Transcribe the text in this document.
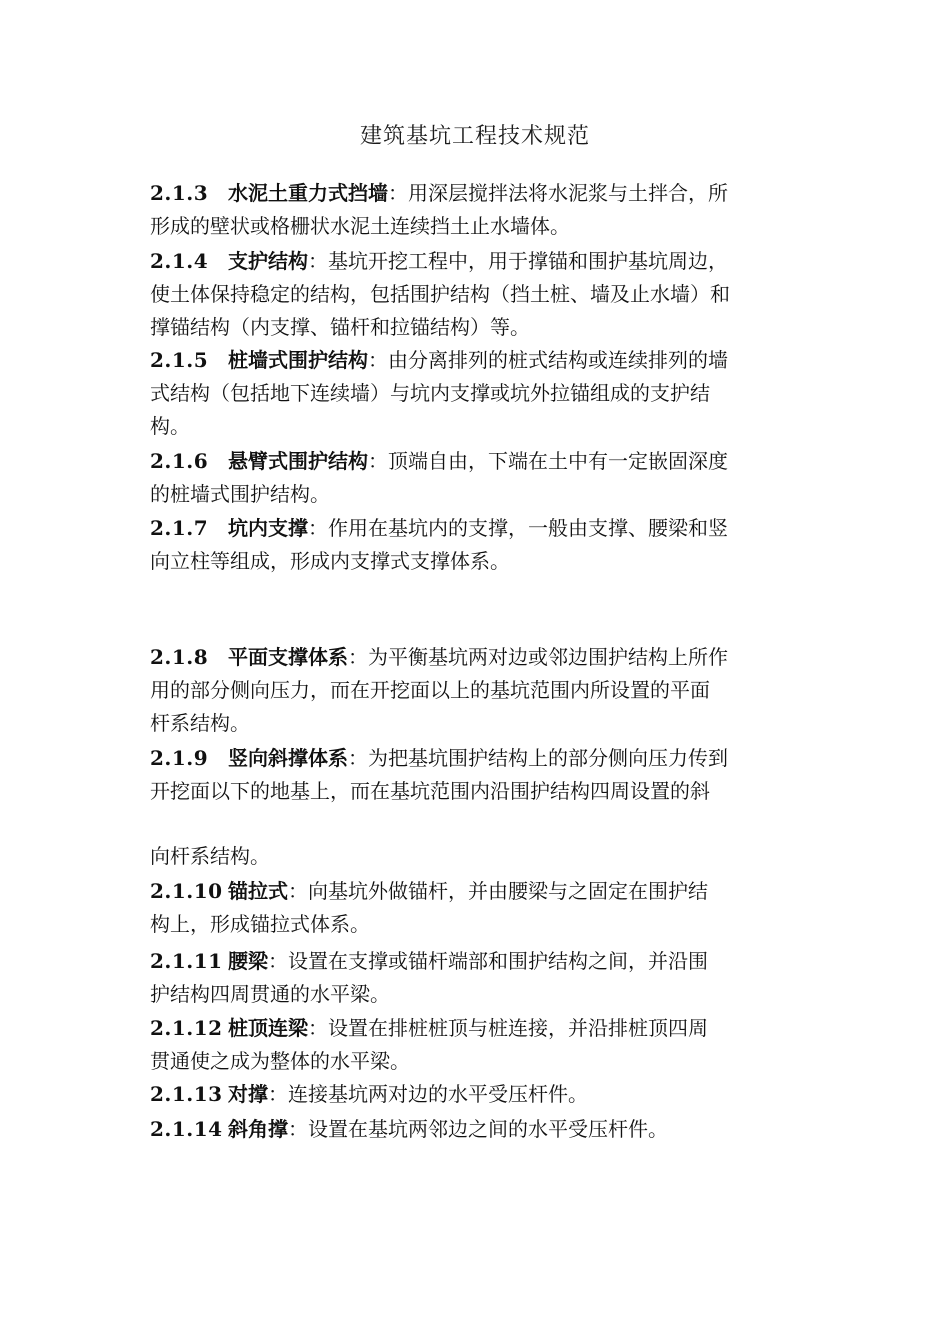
建筑基坑工程技术规范
2.1.3 水泥土重力式挡墙：用深层搅拌法将水泥浆与土拌合，所
形成的壁状或格栅状水泥土连续挡土止水墙体。
2.1.4 支护结构：基坑开挖工程中，用于撑锚和围护基坑周边，
使土体保持稳定的结构，包括围护结构（挡土桩、墙及止水墙）和
撑锚结构（内支撑、锚杆和拉锚结构）等。
2.1.5 桩墙式围护结构：由分离排列的桩式结构或连续排列的墙
式结构（包括地下连续墙）与坑内支撑或坑外拉锚组成的支护结
构。
2.1.6 悬臂式围护结构：顶端自由，下端在土中有一定嵌固深度
的桩墙式围护结构。
2.1.7 坑内支撑：作用在基坑内的支撑，一般由支撑、腰梁和竖
向立柱等组成，形成内支撑式支撑体系。
2.1.8 平面支撑体系：为平衡基坑两对边或邻边围护结构上所作
用的部分侧向压力，而在开挖面以上的基坑范围内所设置的平面
杆系结构。
2.1.9 竖向斜撑体系：为把基坑围护结构上的部分侧向压力传到
开挖面以下的地基上，而在基坑范围内沿围护结构四周设置的斜
向杆系结构。
2.1.10 锚拉式：向基坑外做锚杆，并由腰梁与之固定在围护结
构上，形成锚拉式体系。
2.1.11 腰梁：设置在支撑或锚杆端部和围护结构之间，并沿围
护结构四周贯通的水平梁。
2.1.12 桩顶连梁：设置在排桩桩顶与桩连接，并沿排桩顶四周
贯通使之成为整体的水平梁。
2.1.13 对撑：连接基坑两对边的水平受压杆件。
2.1.14 斜角撑：设置在基坑两邻边之间的水平受压杆件。
